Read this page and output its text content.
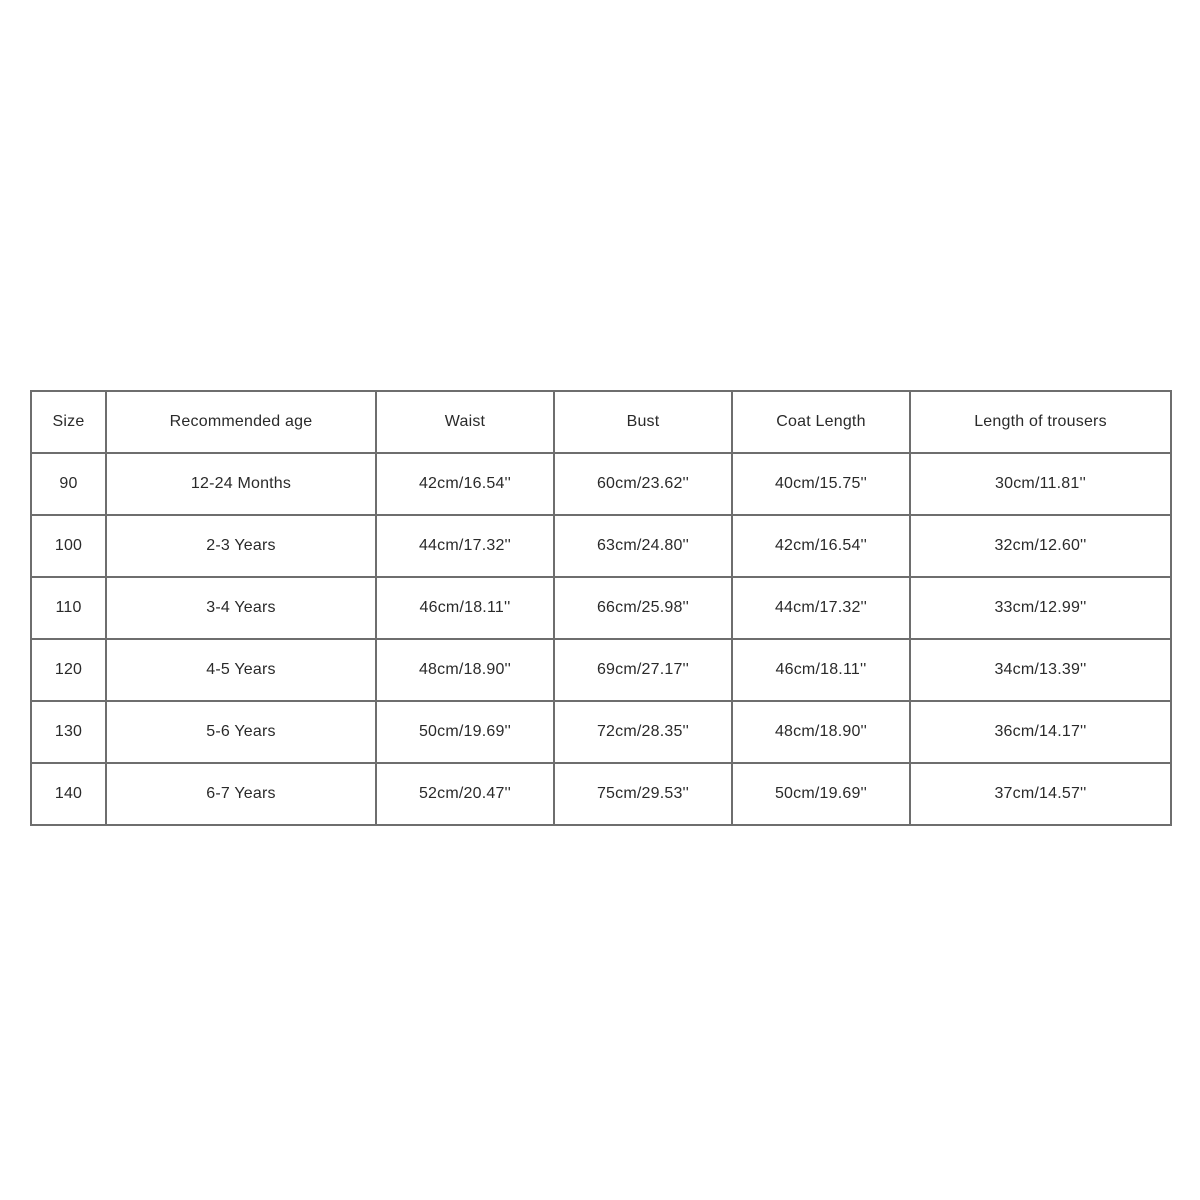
Size	Recommended age	Waist	Bust	Coat Length	Length of trousers
90	12-24 Months	42cm/16.54''	60cm/23.62''	40cm/15.75''	30cm/11.81''
100	2-3 Years	44cm/17.32''	63cm/24.80''	42cm/16.54''	32cm/12.60''
110	3-4 Years	46cm/18.11''	66cm/25.98''	44cm/17.32''	33cm/12.99''
120	4-5 Years	48cm/18.90''	69cm/27.17''	46cm/18.11''	34cm/13.39''
130	5-6 Years	50cm/19.69''	72cm/28.35''	48cm/18.90''	36cm/14.17''
140	6-7 Years	52cm/20.47''	75cm/29.53''	50cm/19.69''	37cm/14.57''
